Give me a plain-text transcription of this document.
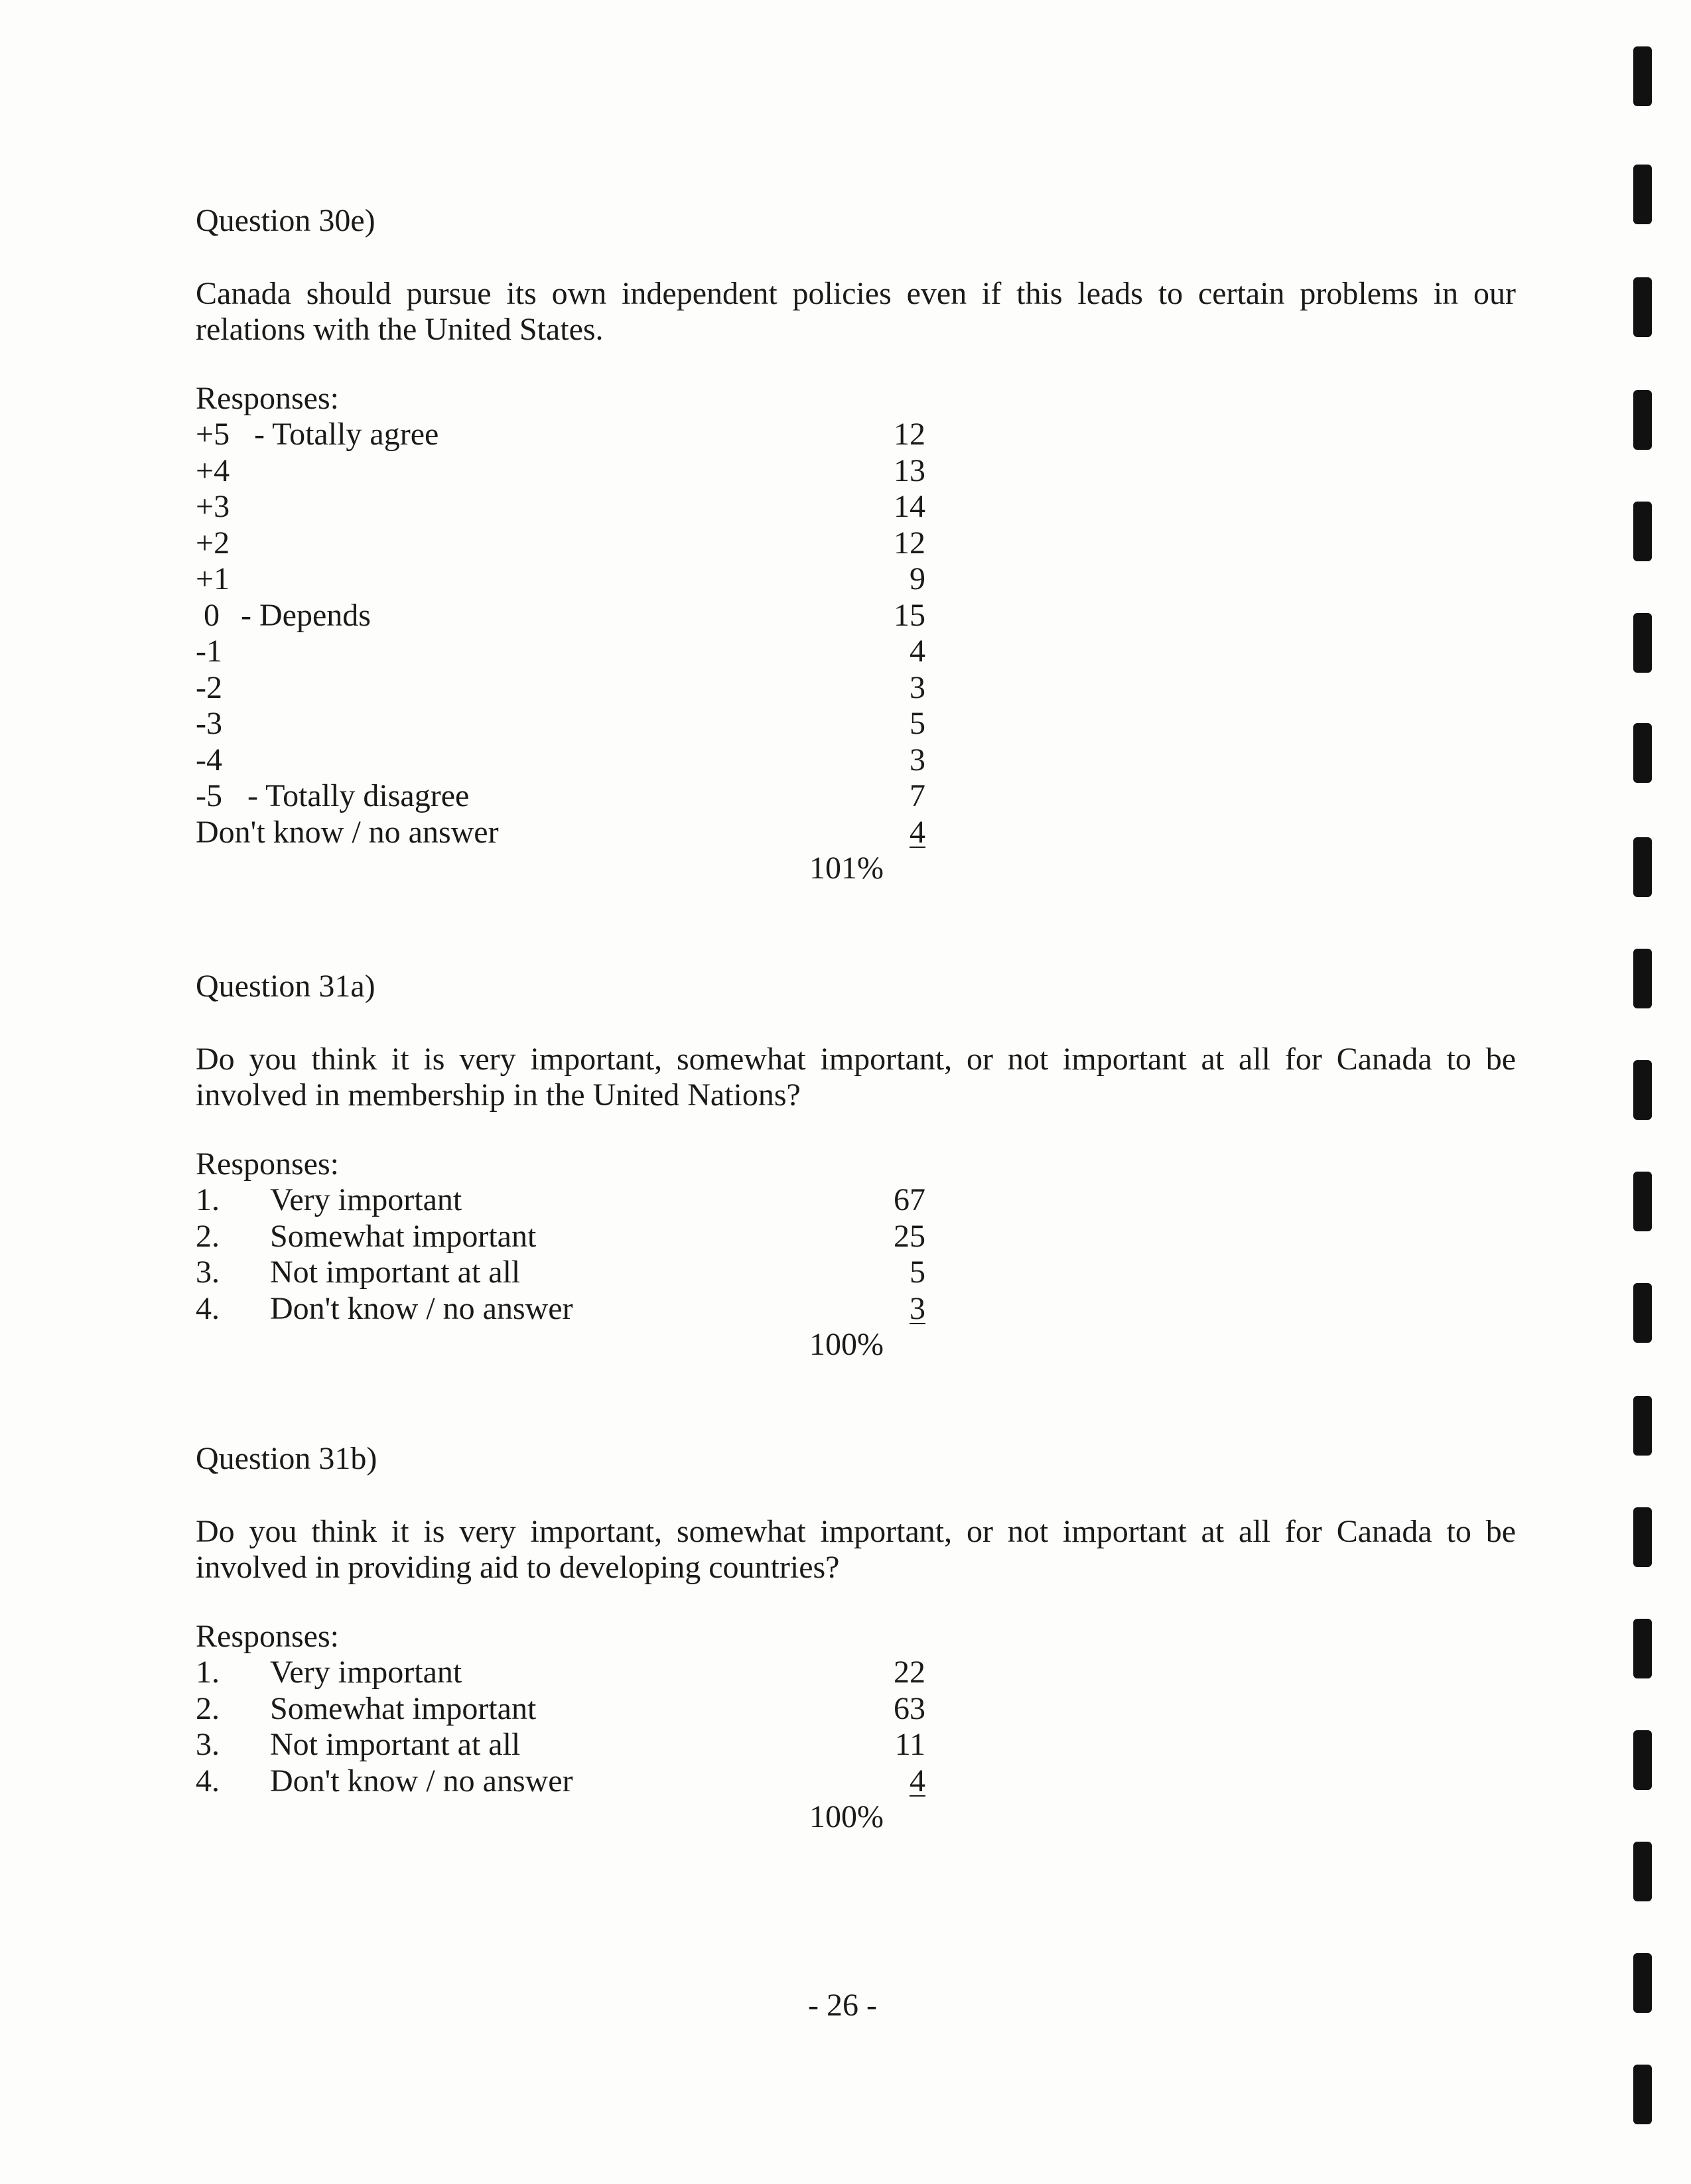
Question 30e)

Canada should pursue its own independent policies even if this leads to certain problems in our relations with the United States.

Responses:

+5 - Totally agree	12
+4	13
+3	14
+2	12
+1	9
0 - Depends	15
-1	4
-2	3
-3	5
-4	3
-5 - Totally disagree	7
Don't know / no answer	4
101%

Question 31a)

Do you think it is very important, somewhat important, or not important at all for Canada to be involved in membership in the United Nations?

Responses:

1. Very important	67
2. Somewhat important	25
3. Not important at all	5
4. Don't know / no answer	3
100%

Question 31b)

Do you think it is very important, somewhat important, or not important at all for Canada to be involved in providing aid to developing countries?

Responses:

1. Very important	22
2. Somewhat important	63
3. Not important at all	11
4. Don't know / no answer	4
100%
- 26 -
